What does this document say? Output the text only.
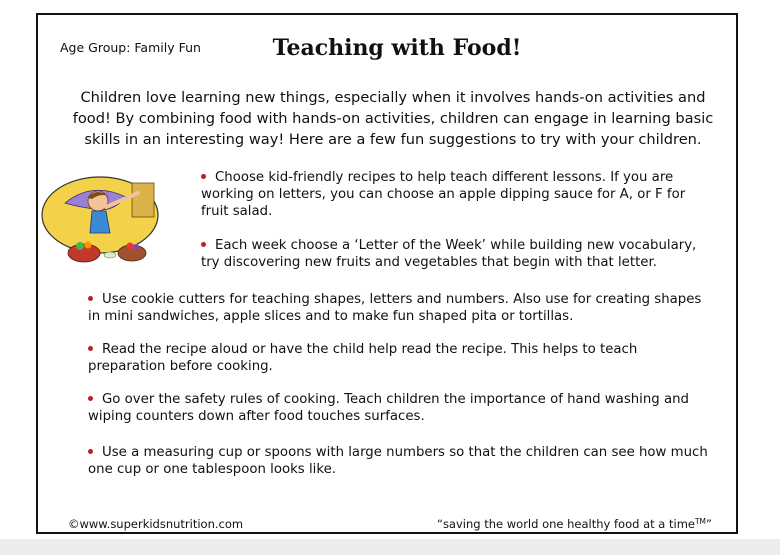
Age Group: Family Fun	Teaching with Food!
Children love learning new things, especially when it involves hands-on activities and food! By combining food with hands-on activities, children can engage in learning basic skills in an interesting way! Here are a few fun suggestions to try with your children.
Choose kid-friendly recipes to help teach different lessons. If you are working on letters, you can choose an apple dipping sauce for A, or F for fruit salad.
Each week choose a ‘Letter of the Week’ while building new vocabulary, try discovering new fruits and vegetables that begin with that letter.
Use cookie cutters for teaching shapes, letters and numbers. Also use for creating shapes in mini sandwiches, apple slices and to make fun shaped pita or tortillas.
Read the recipe aloud or have the child help read the recipe. This helps to teach preparation before cooking.
Go over the safety rules of cooking. Teach children the importance of hand washing and wiping counters down after food touches surfaces.
Use a measuring cup or spoons with large numbers so that the children can see how much one cup or one tablespoon looks like.
©www.superkidsnutrition.com	“saving the world one healthy food at a time™”
